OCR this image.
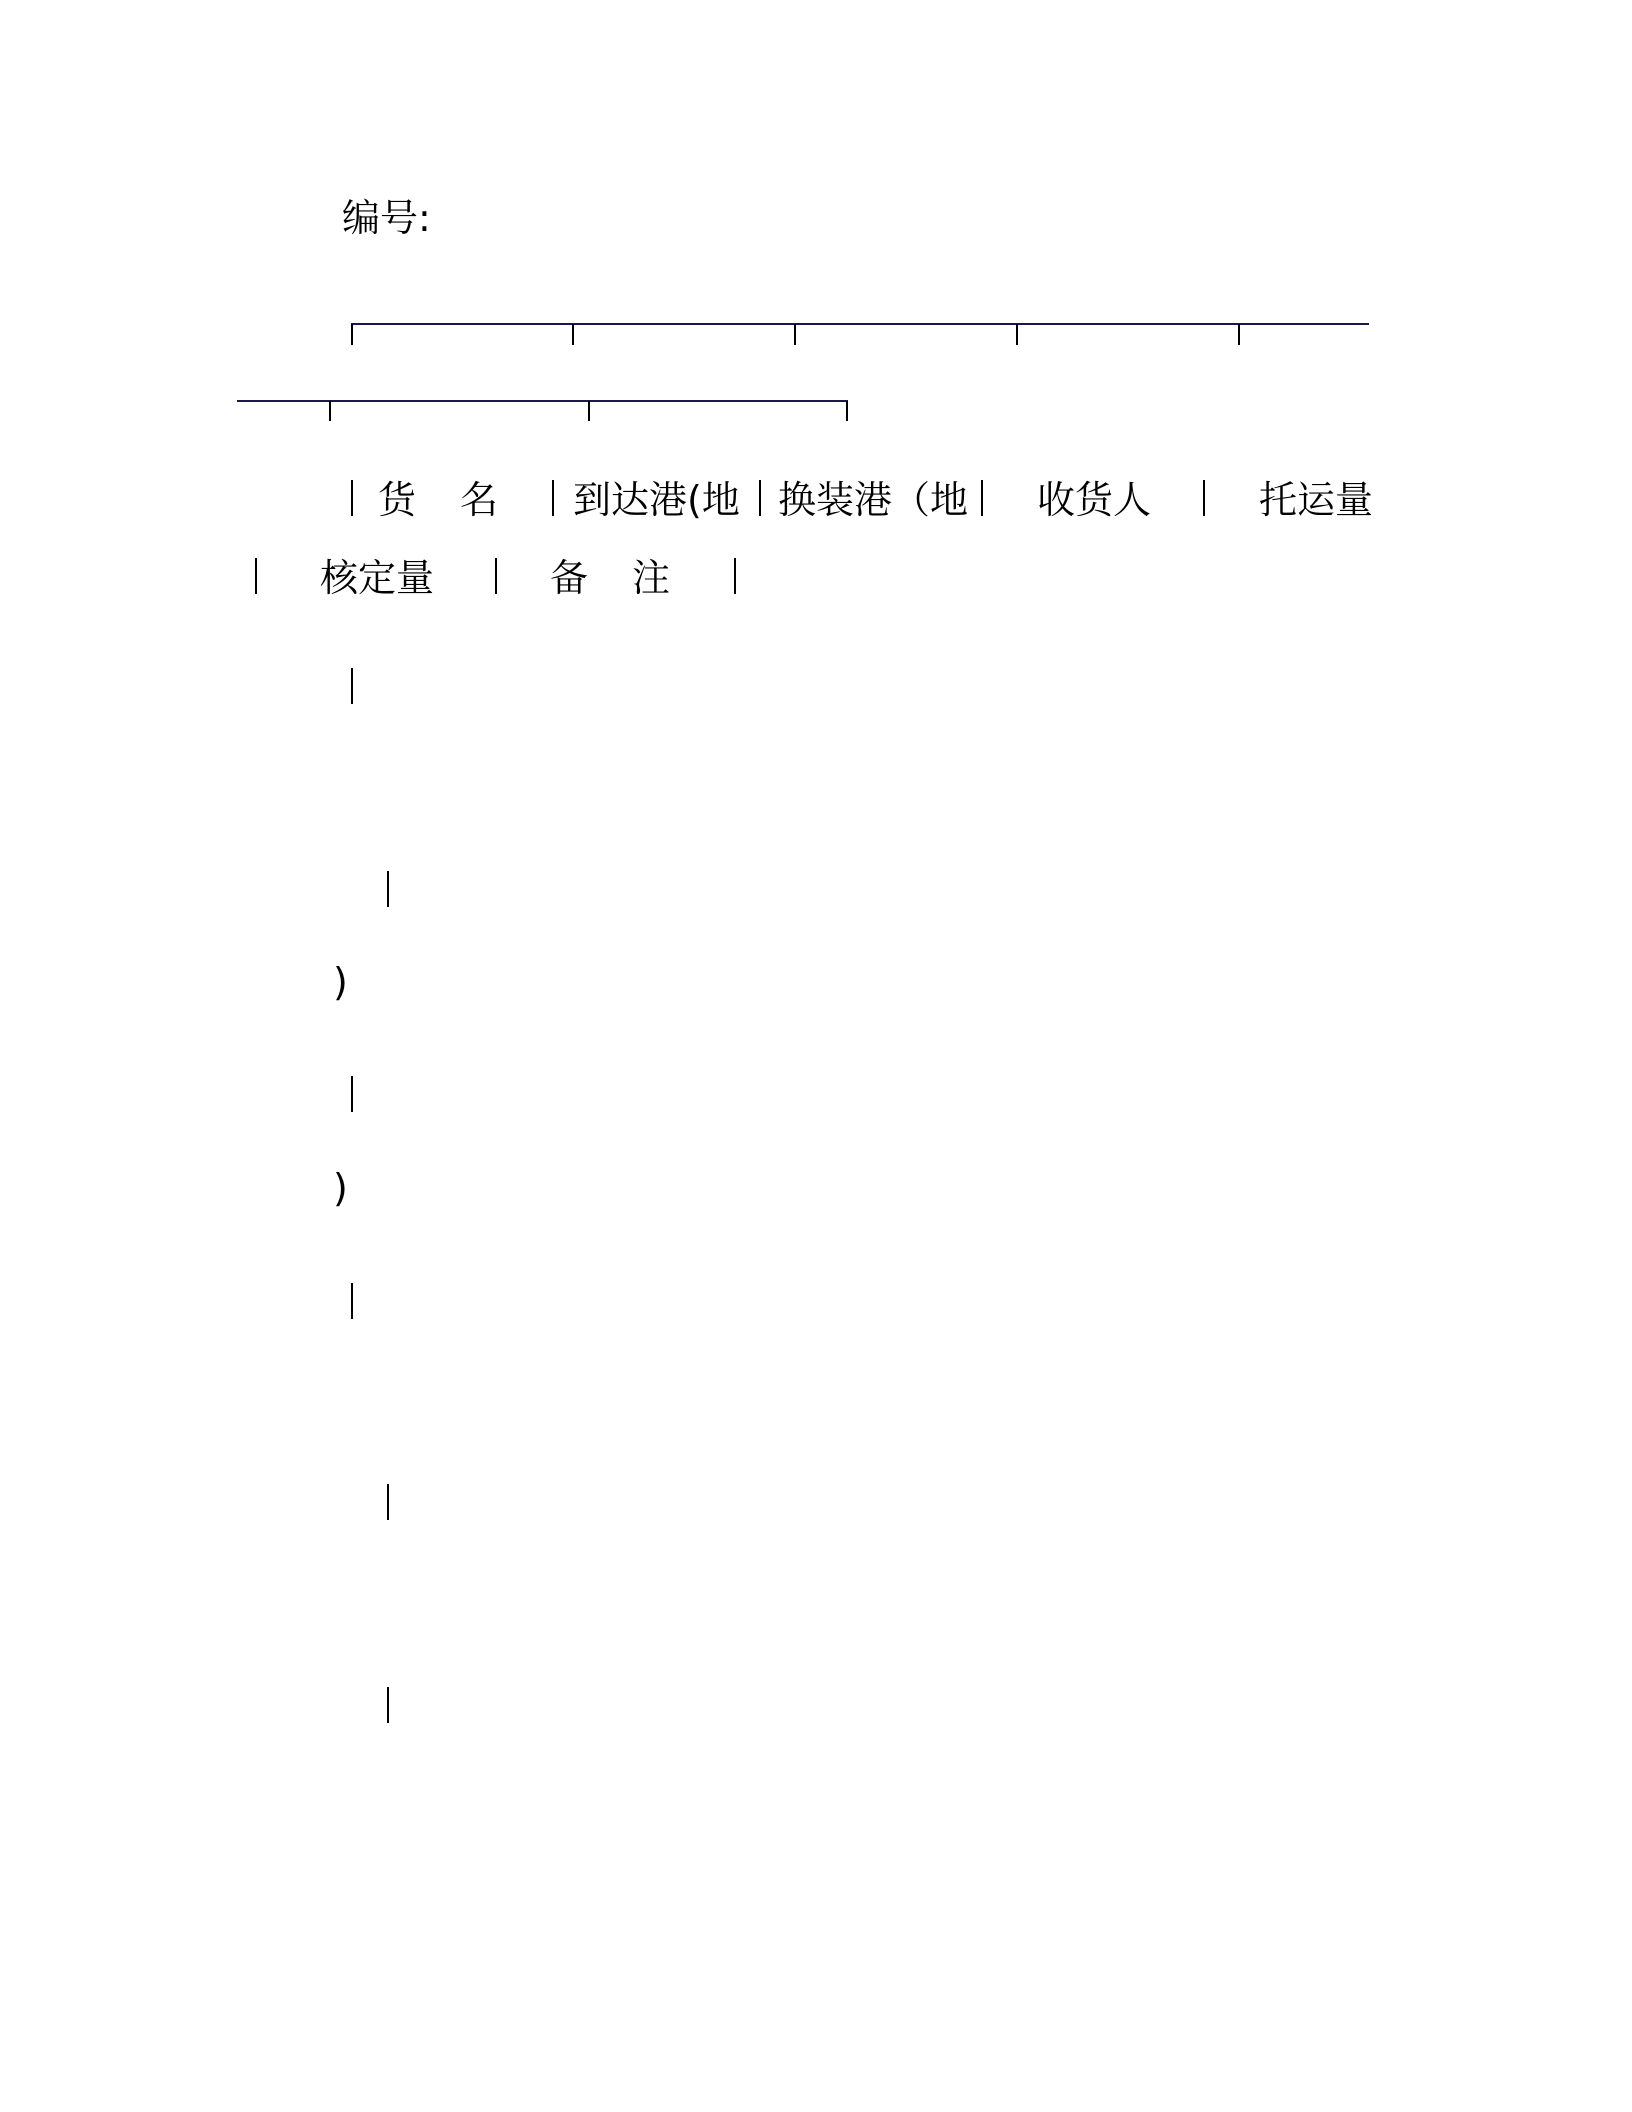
编号:
货名 到达港(地 换装港（地 收货人	托运量
核定量	备注
)
)
